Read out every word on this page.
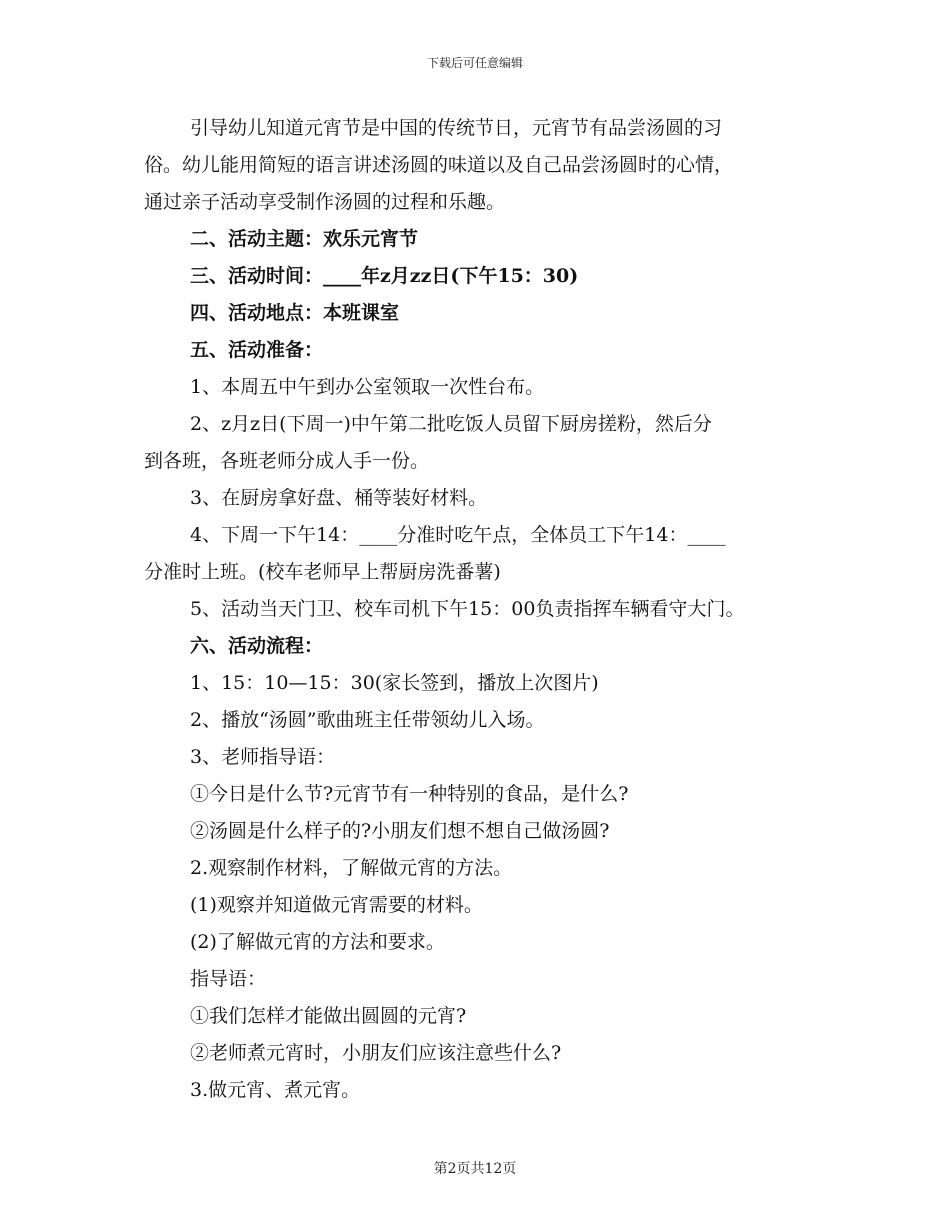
下载后可任意编辑

引导幼儿知道元宵节是中国的传统节日，元宵节有品尝汤圆的习

俗。幼儿能用简短的语言讲述汤圆的味道以及自己品尝汤圆时的心情，

通过亲子活动享受制作汤圆的过程和乐趣。

二、活动主题：欢乐元宵节

三、活动时间：____年z月zz日(下午15：30)

四、活动地点：本班课室

五、活动准备：

1、本周五中午到办公室领取一次性台布。

2、z月z日(下周一)中午第二批吃饭人员留下厨房搓粉，然后分

到各班，各班老师分成人手一份。

3、在厨房拿好盘、桶等装好材料。

4、下周一下午14：____分准时吃午点，全体员工下午14：____

分准时上班。(校车老师早上帮厨房洗番薯)

5、活动当天门卫、校车司机下午15：00负责指挥车辆看守大门。

六、活动流程：

1、15：10—15：30(家长签到，播放上次图片)

2、播放“汤圆”歌曲班主任带领幼儿入场。

3、老师指导语：

①今日是什么节?元宵节有一种特别的食品，是什么?

②汤圆是什么样子的?小朋友们想不想自己做汤圆?

2.观察制作材料，了解做元宵的方法。

(1)观察并知道做元宵需要的材料。

(2)了解做元宵的方法和要求。

指导语：

①我们怎样才能做出圆圆的元宵?

②老师煮元宵时，小朋友们应该注意些什么?

3.做元宵、煮元宵。

第2页共12页
